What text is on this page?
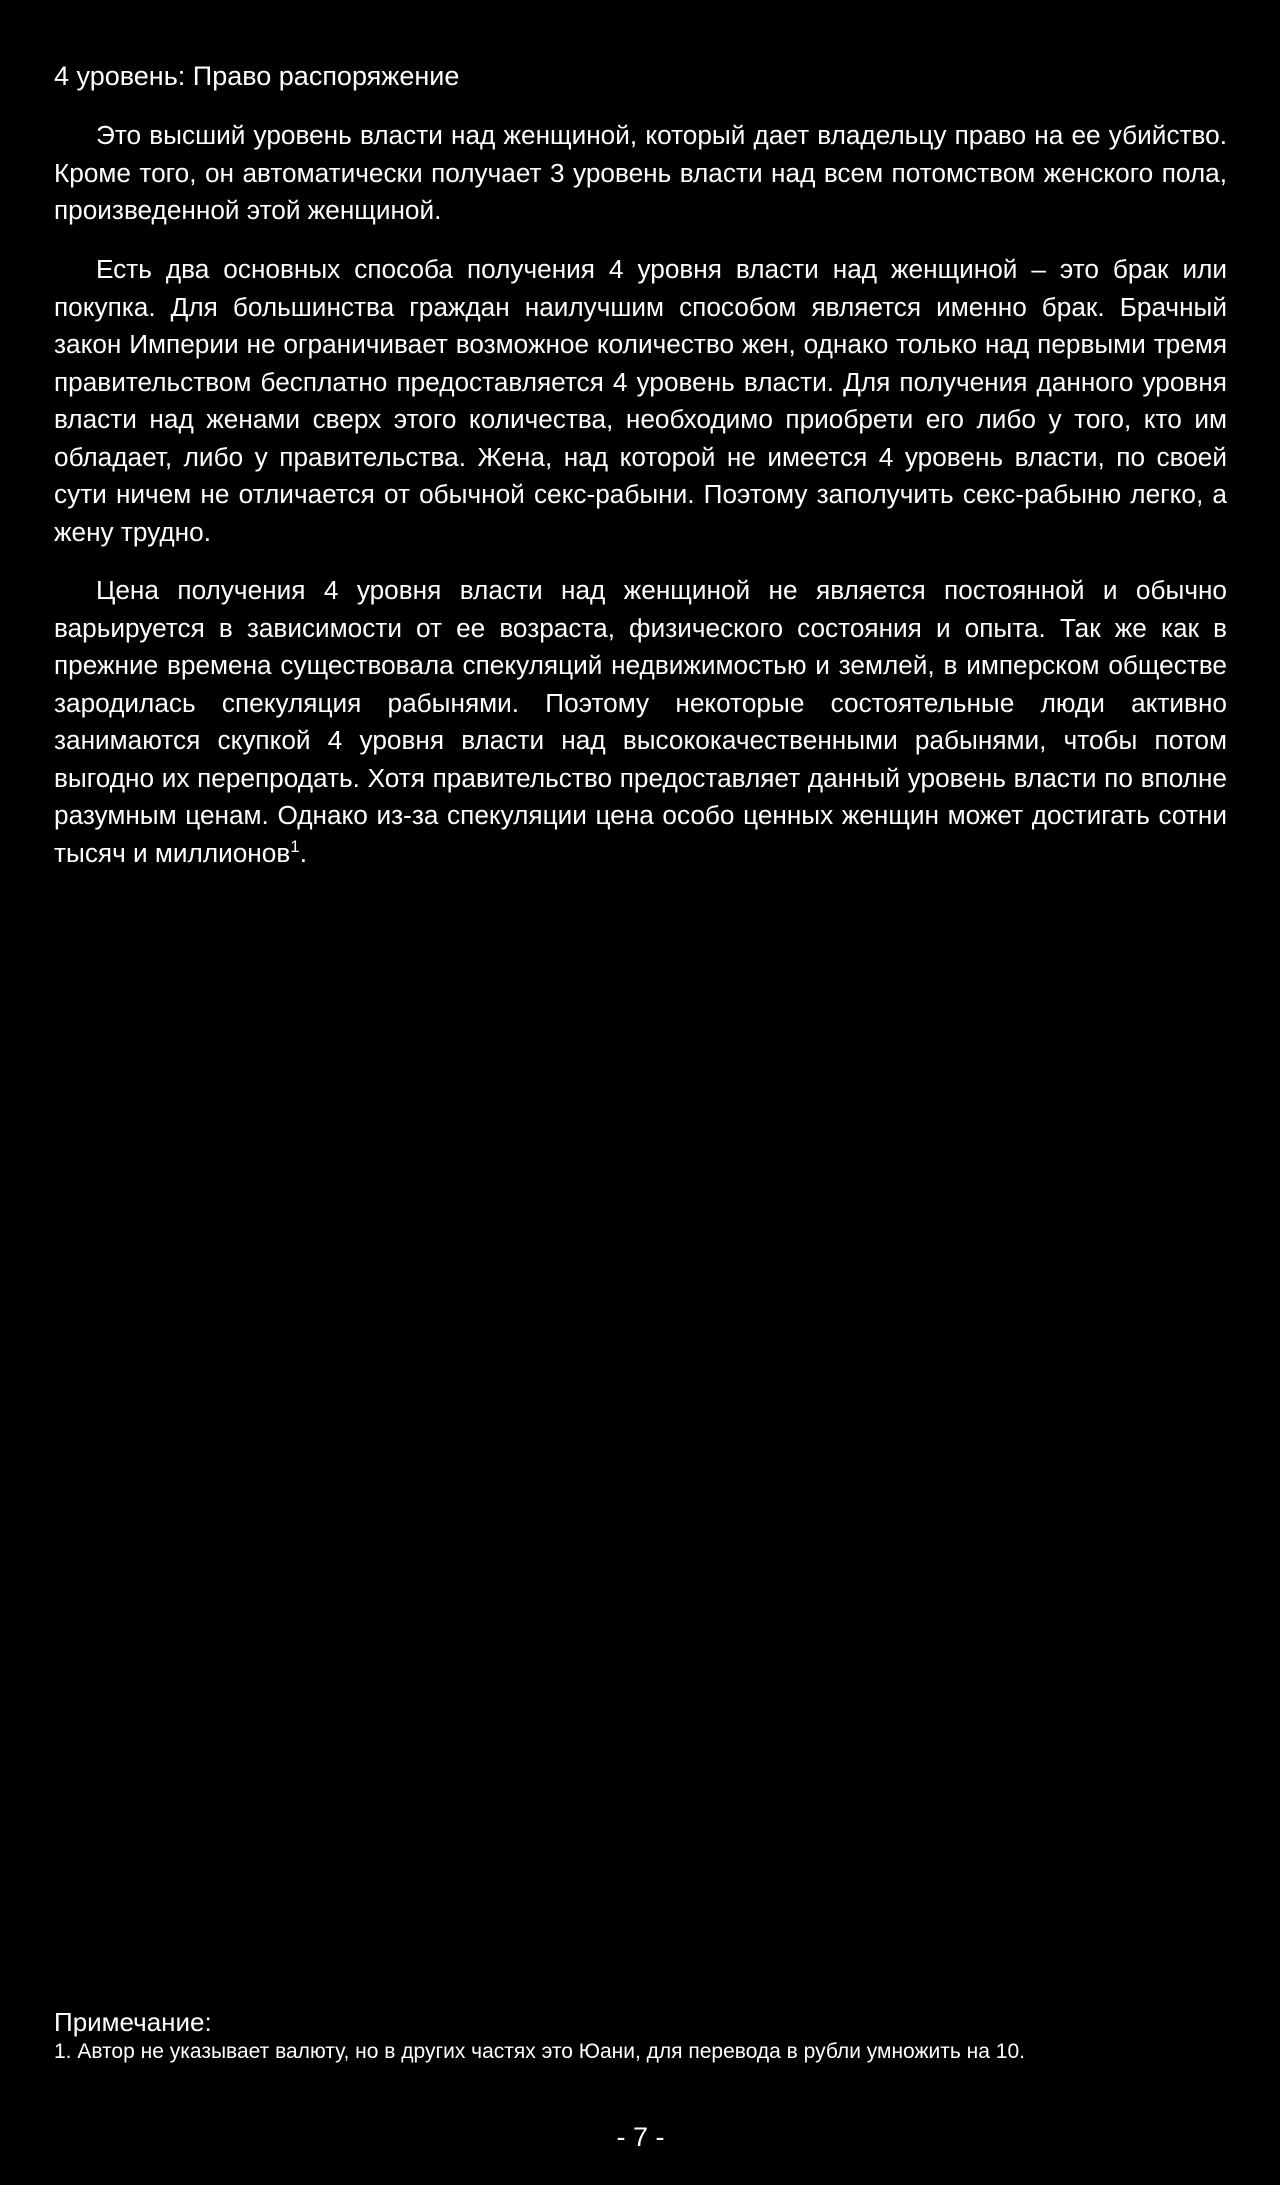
4 уровень: Право распоряжение

Это высший уровень власти над женщиной, который дает владельцу право на ее убийство. Кроме того, он автоматически получает 3 уровень власти над всем потомством женского пола, произведенной этой женщиной.

Есть два основных способа получения 4 уровня власти над женщиной – это брак или покупка. Для большинства граждан наилучшим способом является именно брак. Брачный закон Империи не ограничивает возможное количество жен, однако только над первыми тремя правительством бесплатно предоставляется 4 уровень власти. Для получения данного уровня власти над женами сверх этого количества, необходимо приобрети его либо у того, кто им обладает, либо у правительства. Жена, над которой не имеется 4 уровень власти, по своей сути ничем не отличается от обычной секс-рабыни. Поэтому заполучить секс-рабыню легко, а жену трудно.

Цена получения 4 уровня власти над женщиной не является постоянной и обычно варьируется в зависимости от ее возраста, физического состояния и опыта. Так же как в прежние времена существовала спекуляций недвижимостью и землей, в имперском обществе зародилась спекуляция рабынями. Поэтому некоторые состоятельные люди активно занимаются скупкой 4 уровня власти над высококачественными рабынями, чтобы потом выгодно их перепродать. Хотя правительство предоставляет данный уровень власти по вполне разумным ценам. Однако из-за спекуляции цена особо ценных женщин может достигать сотни тысяч и миллионов$^1$.

Примечание:
1. Автор не указывает валюту, но в других частях это Юани, для перевода в рубли умножить на 10.
- 7 -
